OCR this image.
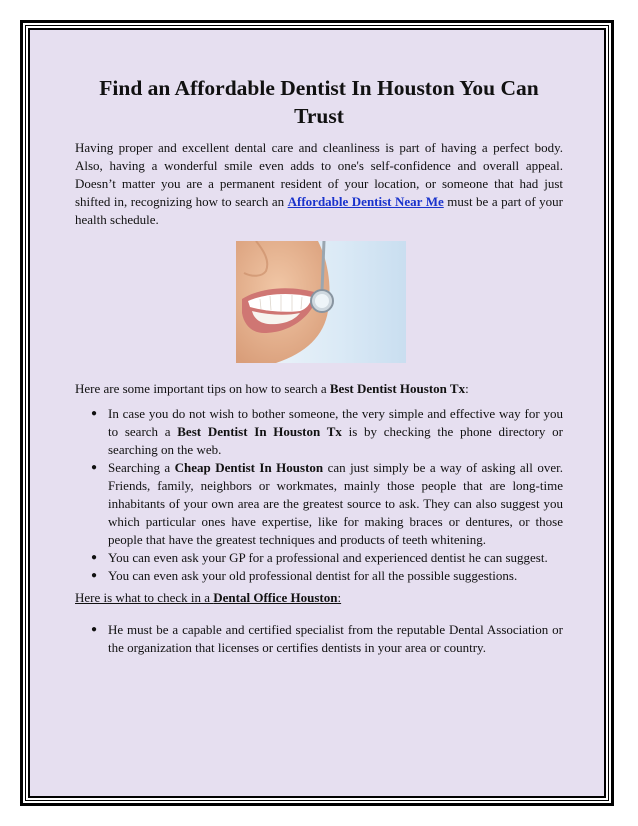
Find an Affordable Dentist In Houston You Can Trust

Having proper and excellent dental care and cleanliness is part of having a perfect body. Also, having a wonderful smile even adds to one's self-confidence and overall appeal. Doesn’t matter you are a permanent resident of your location, or someone that had just shifted in, recognizing how to search an Affordable Dentist Near Me must be a part of your health schedule.

Here are some important tips on how to search a Best Dentist Houston Tx:

● In case you do not wish to bother someone, the very simple and effective way for you to search a Best Dentist In Houston Tx is by checking the phone directory or searching on the web.
● Searching a Cheap Dentist In Houston can just simply be a way of asking all over. Friends, family, neighbors or workmates, mainly those people that are long-time inhabitants of your own area are the greatest source to ask. They can also suggest you which particular ones have expertise, like for making braces or dentures, or those people that have the greatest techniques and products of teeth whitening.
● You can even ask your GP for a professional and experienced dentist he can suggest.
● You can even ask your old professional dentist for all the possible suggestions.

Here is what to check in a Dental Office Houston:

● He must be a capable and certified specialist from the reputable Dental Association or the organization that licenses or certifies dentists in your area or country.
